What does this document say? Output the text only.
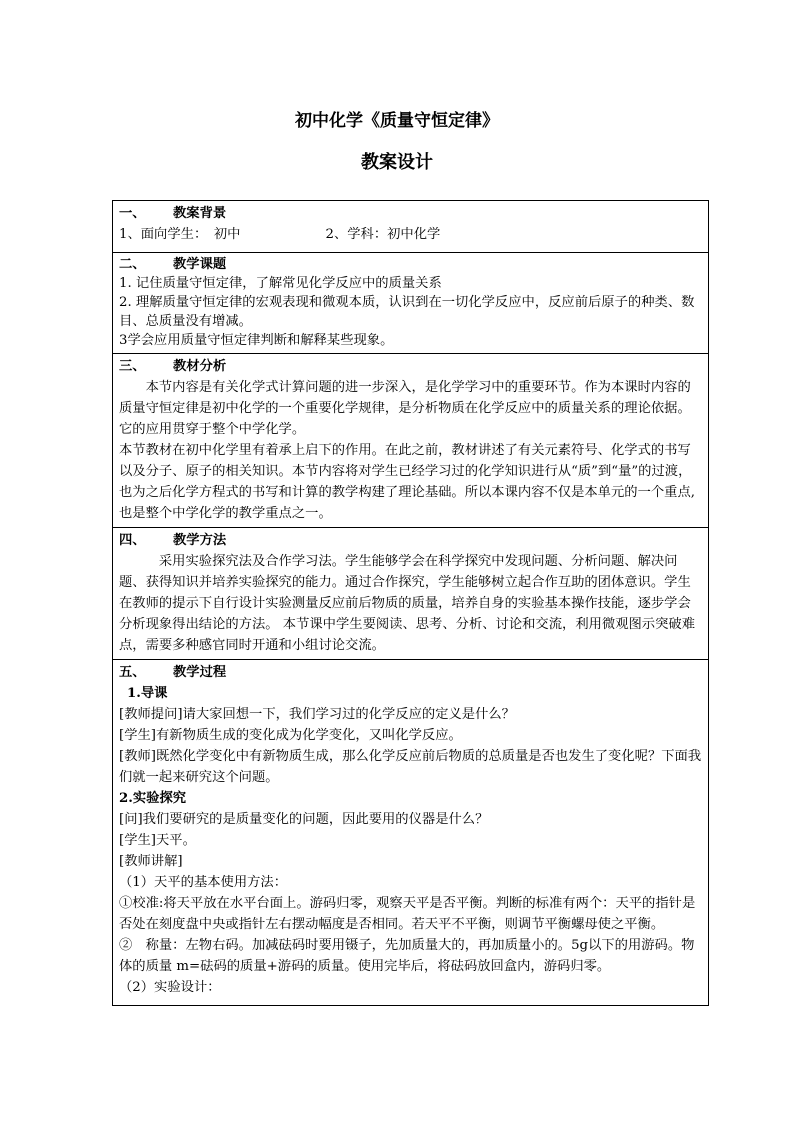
初中化学《质量守恒定律》
教案设计

一、 教案背景

1、面向学生：　初中	2、学科：初中化学

二、 教学课题

1. 记住质量守恒定律，了解常见化学反应中的质量关系

2. 理解质量守恒定律的宏观表现和微观本质，认识到在一切化学反应中，反应前后原子的种类、数目、总质量没有增减。

3学会应用质量守恒定律判断和解释某些现象。

三、 教材分析

本节内容是有关化学式计算问题的进一步深入，是化学学习中的重要环节。作为本课时内容的质量守恒定律是初中化学的一个重要化学规律，是分析物质在化学反应中的质量关系的理论依据。它的应用贯穿于整个中学化学。

本节教材在初中化学里有着承上启下的作用。在此之前，教材讲述了有关元素符号、化学式的书写以及分子、原子的相关知识。本节内容将对学生已经学习过的化学知识进行从“质”到“量”的过渡，也为之后化学方程式的书写和计算的教学构建了理论基础。所以本课内容不仅是本单元的一个重点,也是整个中学化学的教学重点之一。

四、 教学方法

采用实验探究法及合作学习法。学生能够学会在科学探究中发现问题、分析问题、解决问题、获得知识并培养实验探究的能力。通过合作探究，学生能够树立起合作互助的团体意识。学生在教师的提示下自行设计实验测量反应前后物质的质量，培养自身的实验基本操作技能，逐步学会分析现象得出结论的方法。 本节课中学生要阅读、思考、分析、讨论和交流，利用微观图示突破难点，需要多种感官同时开通和小组讨论交流。

五、 教学过程

1.导课

[教师提问]请大家回想一下，我们学习过的化学反应的定义是什么？

[学生]有新物质生成的变化成为化学变化，又叫化学反应。

[教师]既然化学变化中有新物质生成，那么化学反应前后物质的总质量是否也发生了变化呢？下面我们就一起来研究这个问题。

2.实验探究

[问]我们要研究的是质量变化的问题，因此要用的仪器是什么？

[学生]天平。

[教师讲解]

（1）天平的基本使用方法：

①校准:将天平放在水平台面上。游码归零，观察天平是否平衡。判断的标准有两个：天平的指针是否处在刻度盘中央或指针左右摆动幅度是否相同。若天平不平衡，则调节平衡螺母使之平衡。

②　称量：左物右码。加减砝码时要用镊子，先加质量大的，再加质量小的。5g以下的用游码。物体的质量 m=砝码的质量+游码的质量。使用完毕后，将砝码放回盒内，游码归零。

（2）实验设计：
